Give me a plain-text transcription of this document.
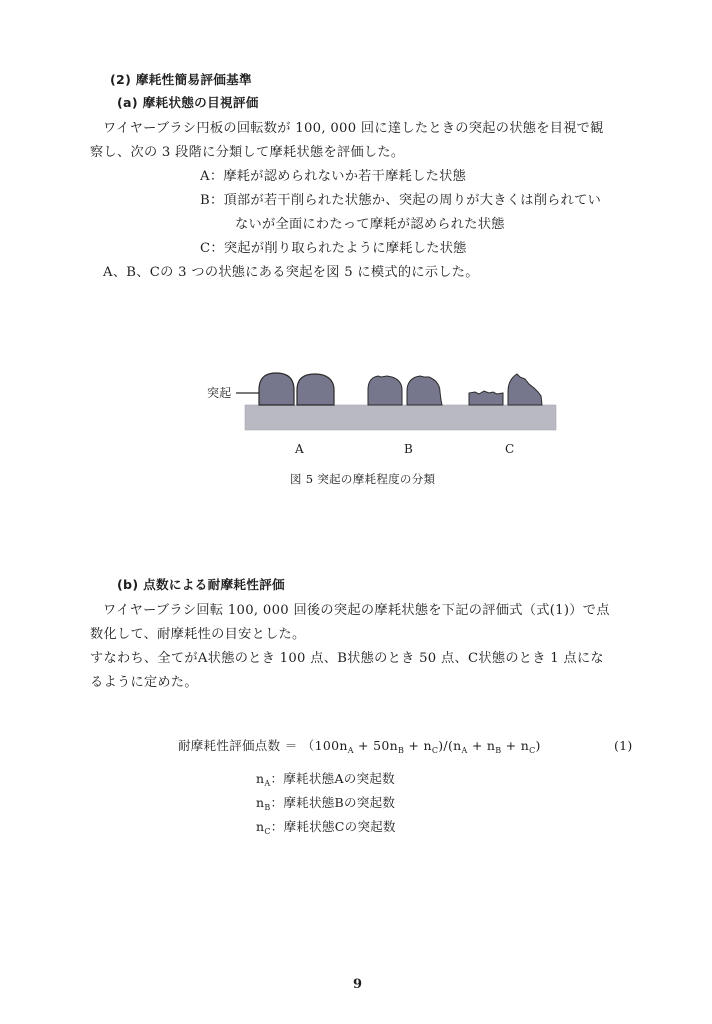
(2) 摩耗性簡易評価基準
(a) 摩耗状態の目視評価
ワイヤーブラシ円板の回転数が 100, 000 回に達したときの突起の状態を目視で観
察し、次の 3 段階に分類して摩耗状態を評価した。
A：摩耗が認められないか若干摩耗した状態
B：頂部が若干削られた状態か、突起の周りが大きくは削られてい
ないが全面にわたって摩耗が認められた状態
C：突起が削り取られたように摩耗した状態
A、B、Cの 3 つの状態にある突起を図 5 に模式的に示した。
突起
A	B	C
図 5 突起の摩耗程度の分類
(b) 点数による耐摩耗性評価
ワイヤーブラシ回転 100, 000 回後の突起の摩耗状態を下記の評価式（式(1)）で点
数化して、耐摩耗性の目安とした。
すなわち、全てがA状態のとき 100 点、B状態のとき 50 点、C状態のとき 1 点にな
るように定めた。
耐摩耗性評価点数 ＝ $(100n_A + 50n_B + n_C)/(n_A + n_B + n_C)$	(1)
$n_A$：摩耗状態Aの突起数
$n_B$：摩耗状態Bの突起数
$n_C$：摩耗状態Cの突起数
9
